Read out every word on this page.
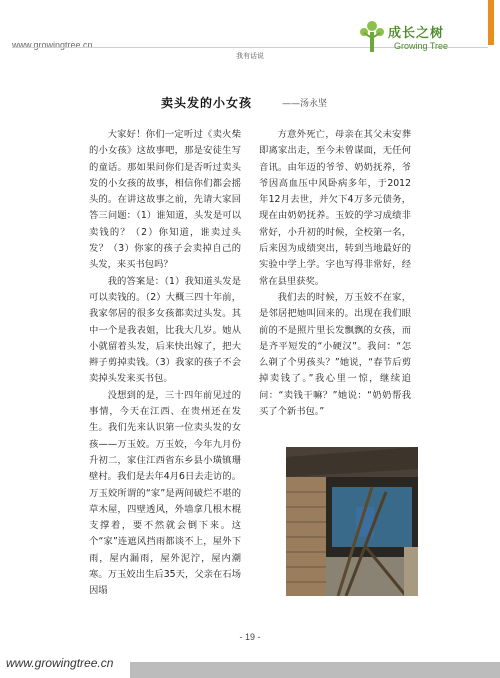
www.growingtree.cn
我有话说
成长之树
Growing Tree
卖头发的小女孩	——汤永坚

大家好！你们一定听过《卖火柴的小女孩》这故事吧，那是安徒生写的童话。那如果问你们是否听过卖头发的小女孩的故事，相信你们都会摇头的。在讲这故事之前，先请大家回答三问题：（1）谁知道，头发是可以卖钱的？（2）你知道，谁卖过头发？（3）你家的孩子会卖掉自己的头发，来买书包吗？

我的答案是：（1）我知道头发是可以卖钱的。（2）大概三四十年前，我家邻居的很多女孩都卖过头发。其中一个是我表姐，比我大几岁。她从小就留着头发，后来快出嫁了，把大辫子剪掉卖钱。（3）我家的孩子不会卖掉头发来买书包。

没想到的是，三十四年前见过的事情，今天在江西、在贵州还在发生。我们先来认识第一位卖头发的女孩——万玉姣。万玉姣，今年九月份升初二，家住江西省东乡县小璜镇珊壁村。我们是去年4月6日去走访的。万玉姣所谓的“家”是两间破烂不堪的草木屋，四壁透风，外墙拿几根木棍支撑着，要不然就会倒下来。这个“家”连遮风挡雨都谈不上，屋外下雨，屋内漏雨，屋外泥泞，屋内潮寒。万玉姣出生后35天，父亲在石场因塌

方意外死亡，母亲在其父未安葬即离家出走，至今未曾谋面，无任何音讯。由年迈的爷爷、奶奶抚养，爷爷因高血压中风卧病多年，于2012年12月去世，并欠下4万多元债务，现在由奶奶抚养。玉姣的学习成绩非常好，小升初的时候，全校第一名，后来因为成绩突出，转到当地最好的实验中学上学。字也写得非常好，经常在县里获奖。

我们去的时候，万玉姣不在家，是邻居把她叫回来的。出现在我们眼前的不是照片里长发飘飘的女孩，而是齐平短发的“小硬汉”。我问：“怎么剃了个男孩头？”她说，“春节后剪掉卖钱了。”我心里一惊，继续追问：“卖钱干嘛？”她说：“奶奶帮我买了个新书包。”

- 19 -
www.growingtree.cn
